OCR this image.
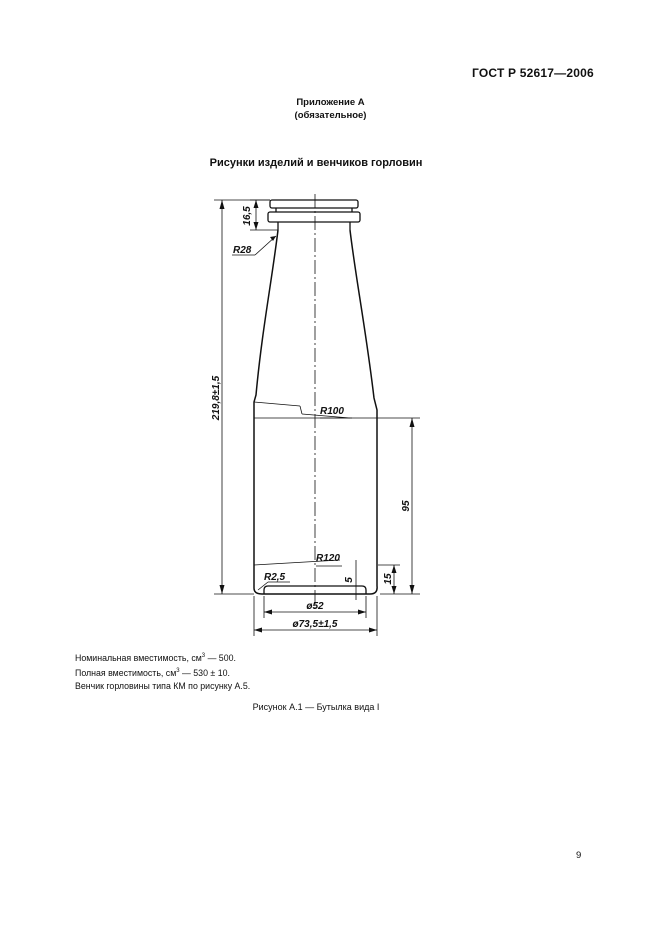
ГОСТ Р 52617—2006
Приложение А
(обязательное)
Рисунки изделий и венчиков горловин
16,5
R28
219,8±1,5	R100
95
R120
R2,5	5	15
ø52
ø73,5±1,5
Номинальная вместимость, $см^3$ — 500.
Полная вместимость, $см^3$ — 530 ± 10.
Венчик горловины типа КМ по рисунку А.5.
Рисунок А.1 — Бутылка вида I
9
